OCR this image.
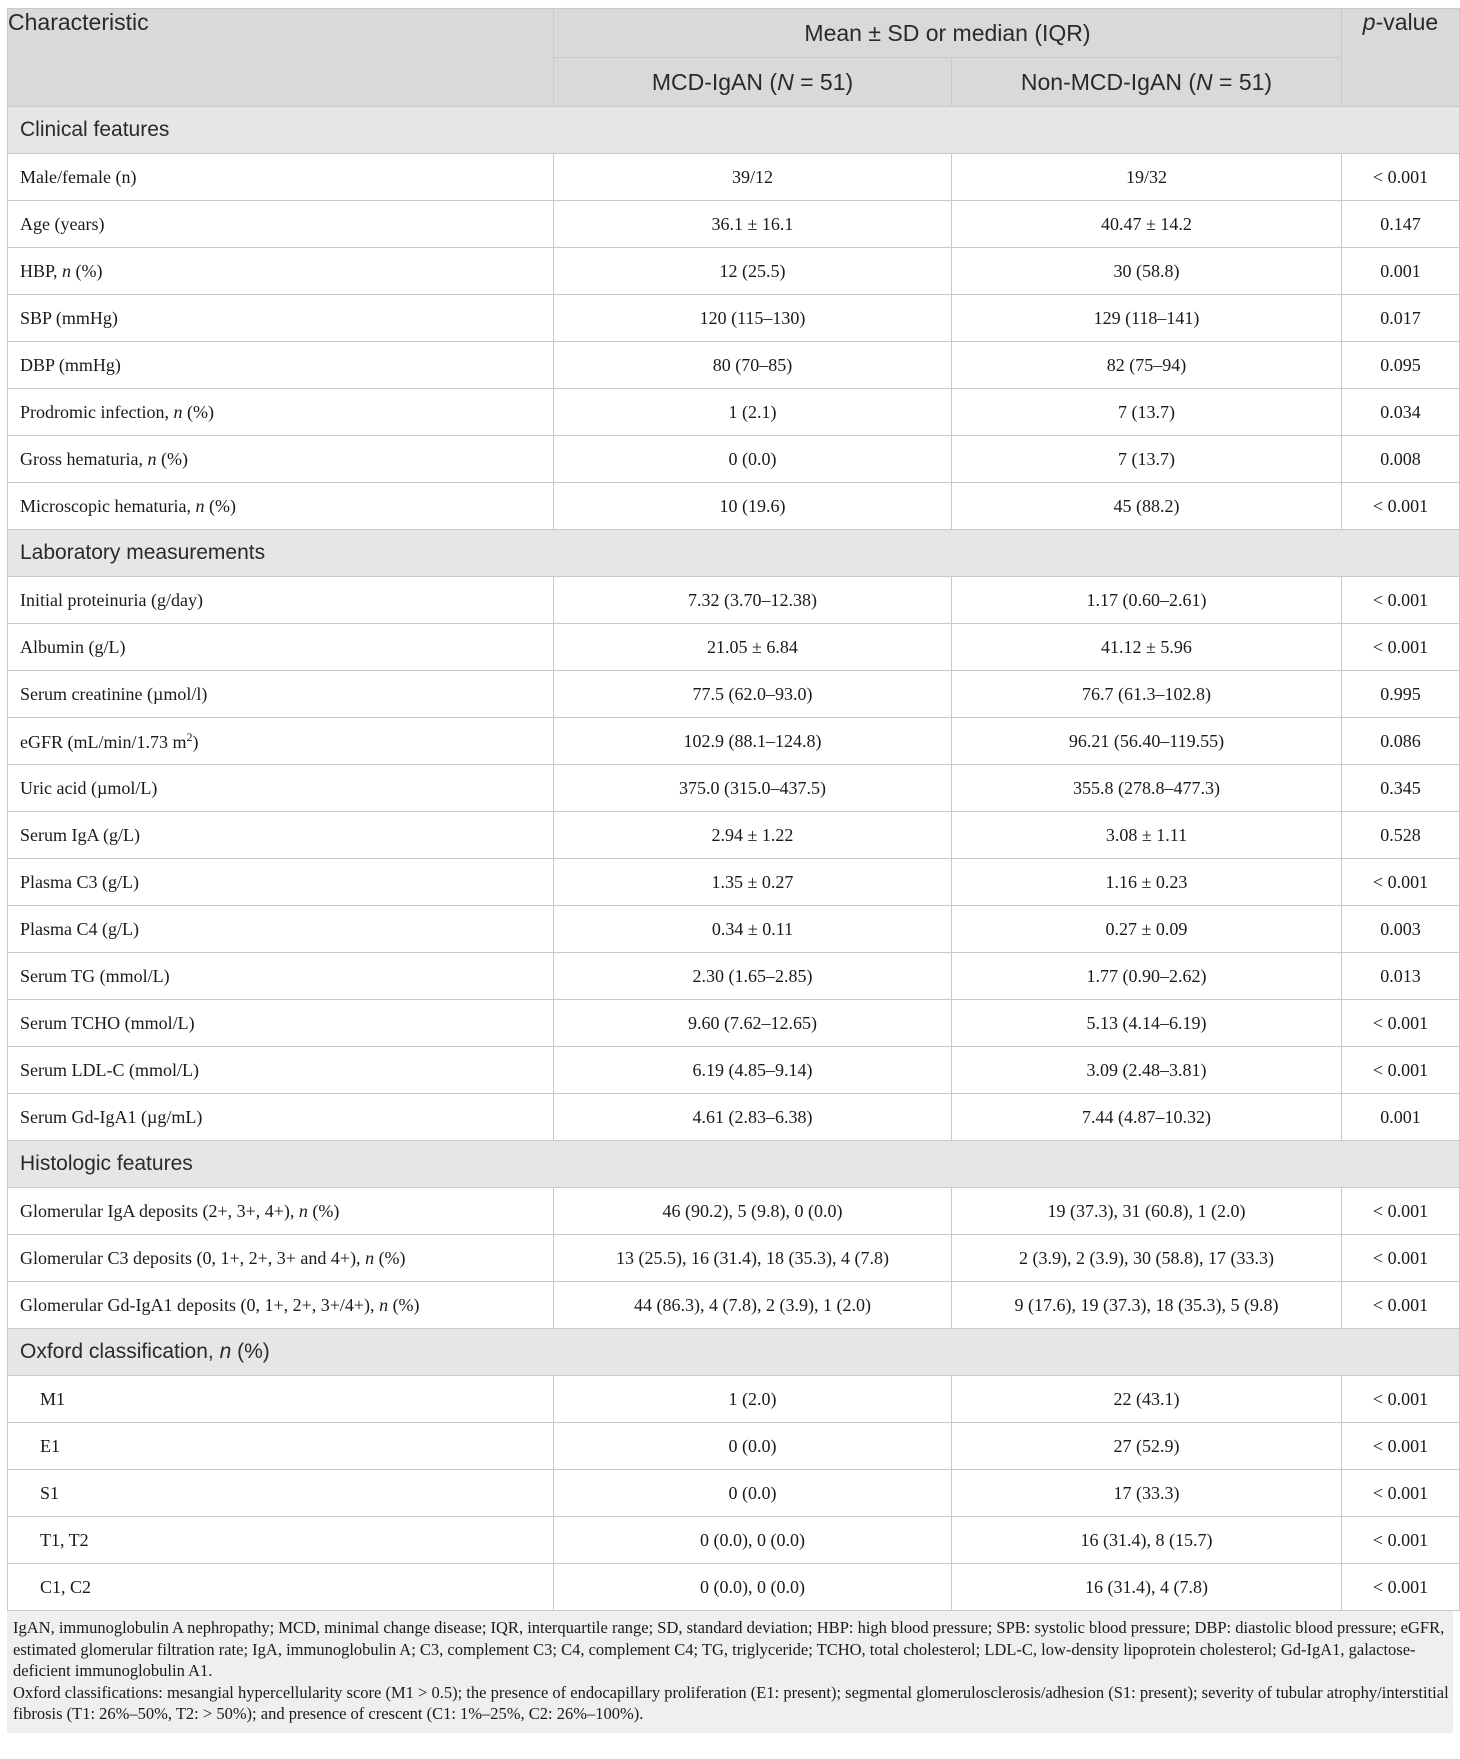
Characteristic	Mean ± SD or median (IQR)		p-value
	MCD-IgAN (N = 51)	Non-MCD-IgAN (N = 51)	
Clinical features			
Male/female (n)	39/12	19/32	< 0.001
Age (years)	36.1 ± 16.1	40.47 ± 14.2	0.147
HBP, n (%)	12 (25.5)	30 (58.8)	0.001
SBP (mmHg)	120 (115–130)	129 (118–141)	0.017
DBP (mmHg)	80 (70–85)	82 (75–94)	0.095
Prodromic infection, n (%)	1 (2.1)	7 (13.7)	0.034
Gross hematuria, n (%)	0 (0.0)	7 (13.7)	0.008
Microscopic hematuria, n (%)	10 (19.6)	45 (88.2)	< 0.001
Laboratory measurements			
Initial proteinuria (g/day)	7.32 (3.70–12.38)	1.17 (0.60–2.61)	< 0.001
Albumin (g/L)	21.05 ± 6.84	41.12 ± 5.96	< 0.001
Serum creatinine (µmol/l)	77.5 (62.0–93.0)	76.7 (61.3–102.8)	0.995
eGFR (mL/min/1.73 $m^2$)	102.9 (88.1–124.8)	96.21 (56.40–119.55)	0.086
Uric acid (µmol/L)	375.0 (315.0–437.5)	355.8 (278.8–477.3)	0.345
Serum IgA (g/L)	2.94 ± 1.22	3.08 ± 1.11	0.528
Plasma C3 (g/L)	1.35 ± 0.27	1.16 ± 0.23	< 0.001
Plasma C4 (g/L)	0.34 ± 0.11	0.27 ± 0.09	0.003
Serum TG (mmol/L)	2.30 (1.65–2.85)	1.77 (0.90–2.62)	0.013
Serum TCHO (mmol/L)	9.60 (7.62–12.65)	5.13 (4.14–6.19)	< 0.001
Serum LDL-C (mmol/L)	6.19 (4.85–9.14)	3.09 (2.48–3.81)	< 0.001
Serum Gd-IgA1 (µg/mL)	4.61 (2.83–6.38)	7.44 (4.87–10.32)	0.001
Histologic features			
Glomerular IgA deposits (2+, 3+, 4+), n (%)	46 (90.2), 5 (9.8), 0 (0.0)	19 (37.3), 31 (60.8), 1 (2.0)	< 0.001
Glomerular C3 deposits (0, 1+, 2+, 3+ and 4+), n (%)	13 (25.5), 16 (31.4), 18 (35.3), 4 (7.8)	2 (3.9), 2 (3.9), 30 (58.8), 17 (33.3)	< 0.001
Glomerular Gd-IgA1 deposits (0, 1+, 2+, 3+/4+), n (%)	44 (86.3), 4 (7.8), 2 (3.9), 1 (2.0)	9 (17.6), 19 (37.3), 18 (35.3), 5 (9.8)	< 0.001
Oxford classification, n (%)			
M1	1 (2.0)	22 (43.1)	< 0.001
E1	0 (0.0)	27 (52.9)	< 0.001
S1	0 (0.0)	17 (33.3)	< 0.001
T1, T2	0 (0.0), 0 (0.0)	16 (31.4), 8 (15.7)	< 0.001
C1, C2	0 (0.0), 0 (0.0)	16 (31.4), 4 (7.8)	< 0.001

IgAN, immunoglobulin A nephropathy; MCD, minimal change disease; IQR, interquartile range; SD, standard deviation; HBP: high blood pressure; SPB: systolic blood pressure; DBP: diastolic blood pressure; eGFR, estimated glomerular filtration rate; IgA, immunoglobulin A; C3, complement C3; C4, complement C4; TG, triglyceride; TCHO, total cholesterol; LDL-C, low-density lipoprotein cholesterol; Gd-IgA1, galactose-deficient immunoglobulin A1.

Oxford classifications: mesangial hypercellularity score (M1 > 0.5); the presence of endocapillary proliferation (E1: present); segmental glomerulosclerosis/adhesion (S1: present); severity of tubular atrophy/interstitial fibrosis (T1: 26%–50%, T2: > 50%); and presence of crescent (C1: 1%–25%, C2: 26%–100%).
